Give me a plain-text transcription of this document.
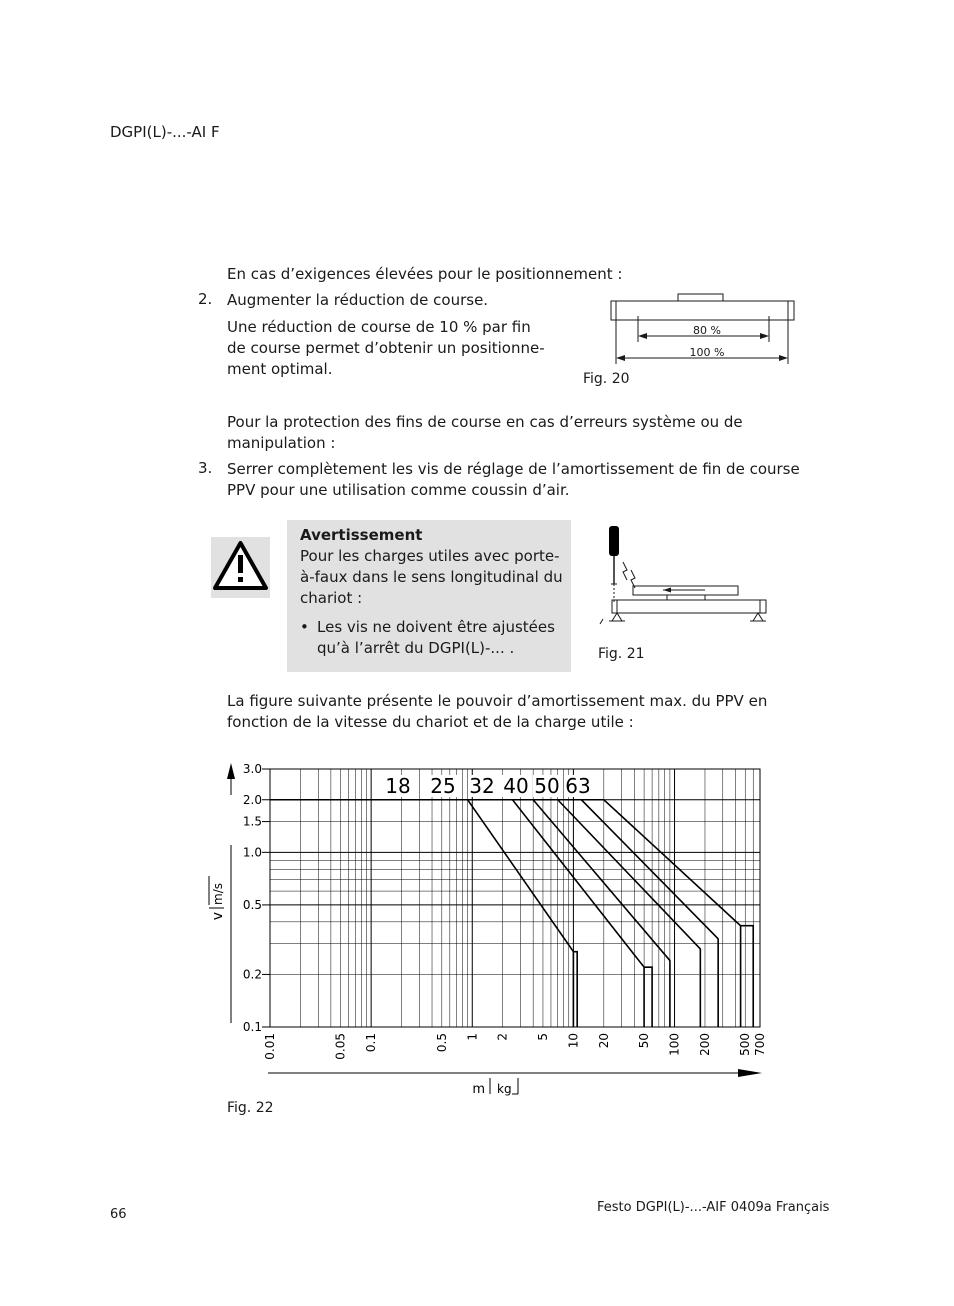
DGPI(L)-...-AI F
En cas d’exigences élevées pour le positionnement :
2. Augmenter la réduction de course.
Une réduction de course de 10 % par fin
de course permet d’obtenir un positionne-
ment optimal.
80 %
100 %
Fig. 20
Pour la protection des fins de course en cas d’erreurs système ou de
manipulation :
3. Serrer complètement les vis de réglage de l’amortissement de fin de course
PPV pour une utilisation comme coussin d’air.
Avertissement
Pour les charges utiles avec porte-
à-faux dans le sens longitudinal du
chariot :
• Les vis ne doivent être ajustées
qu’à l’arrêt du DGPI(L)-... .	Fig. 21
La figure suivante présente le pouvoir d’amortissement max. du PPV en
fonction de la vitesse du chariot et de la charge utile :
18 25 32 40 50 63
3.0
2.0
1.5
1.0
0.5
0.2
0.1
0.01	0.05 0.1	0.5 1 2 5 10 20 50 100 200 500 700
v
m/s
m kg
Fig. 22
66	Festo DGPI(L)-...-AIF 0409a Français
